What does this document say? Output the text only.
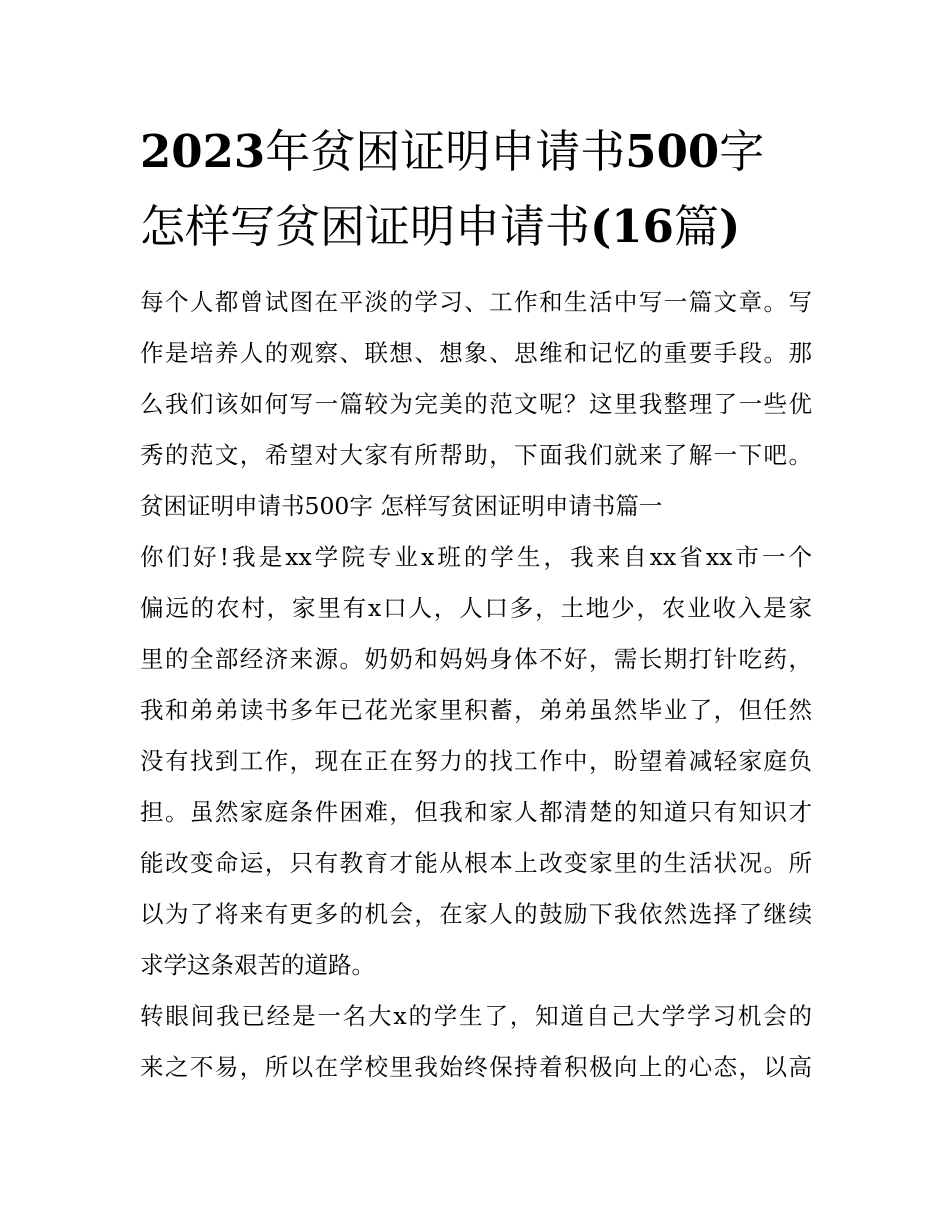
2023年贫困证明申请书500字
怎样写贫困证明申请书(16篇)
每个人都曾试图在平淡的学习、工作和生活中写一篇文章。写
作是培养人的观察、联想、想象、思维和记忆的重要手段。那
么我们该如何写一篇较为完美的范文呢？这里我整理了一些优
秀的范文，希望对大家有所帮助，下面我们就来了解一下吧。
贫困证明申请书500字 怎样写贫困证明申请书篇一
你们好!我是xx学院专业x班的学生，我来自xx省xx市一个
偏远的农村，家里有x口人，人口多，土地少，农业收入是家
里的全部经济来源。奶奶和妈妈身体不好，需长期打针吃药，
我和弟弟读书多年已花光家里积蓄，弟弟虽然毕业了，但任然
没有找到工作，现在正在努力的找工作中，盼望着减轻家庭负
担。虽然家庭条件困难，但我和家人都清楚的知道只有知识才
能改变命运，只有教育才能从根本上改变家里的生活状况。所
以为了将来有更多的机会，在家人的鼓励下我依然选择了继续
求学这条艰苦的道路。
转眼间我已经是一名大x的学生了，知道自己大学学习机会的
来之不易，所以在学校里我始终保持着积极向上的心态，以高
